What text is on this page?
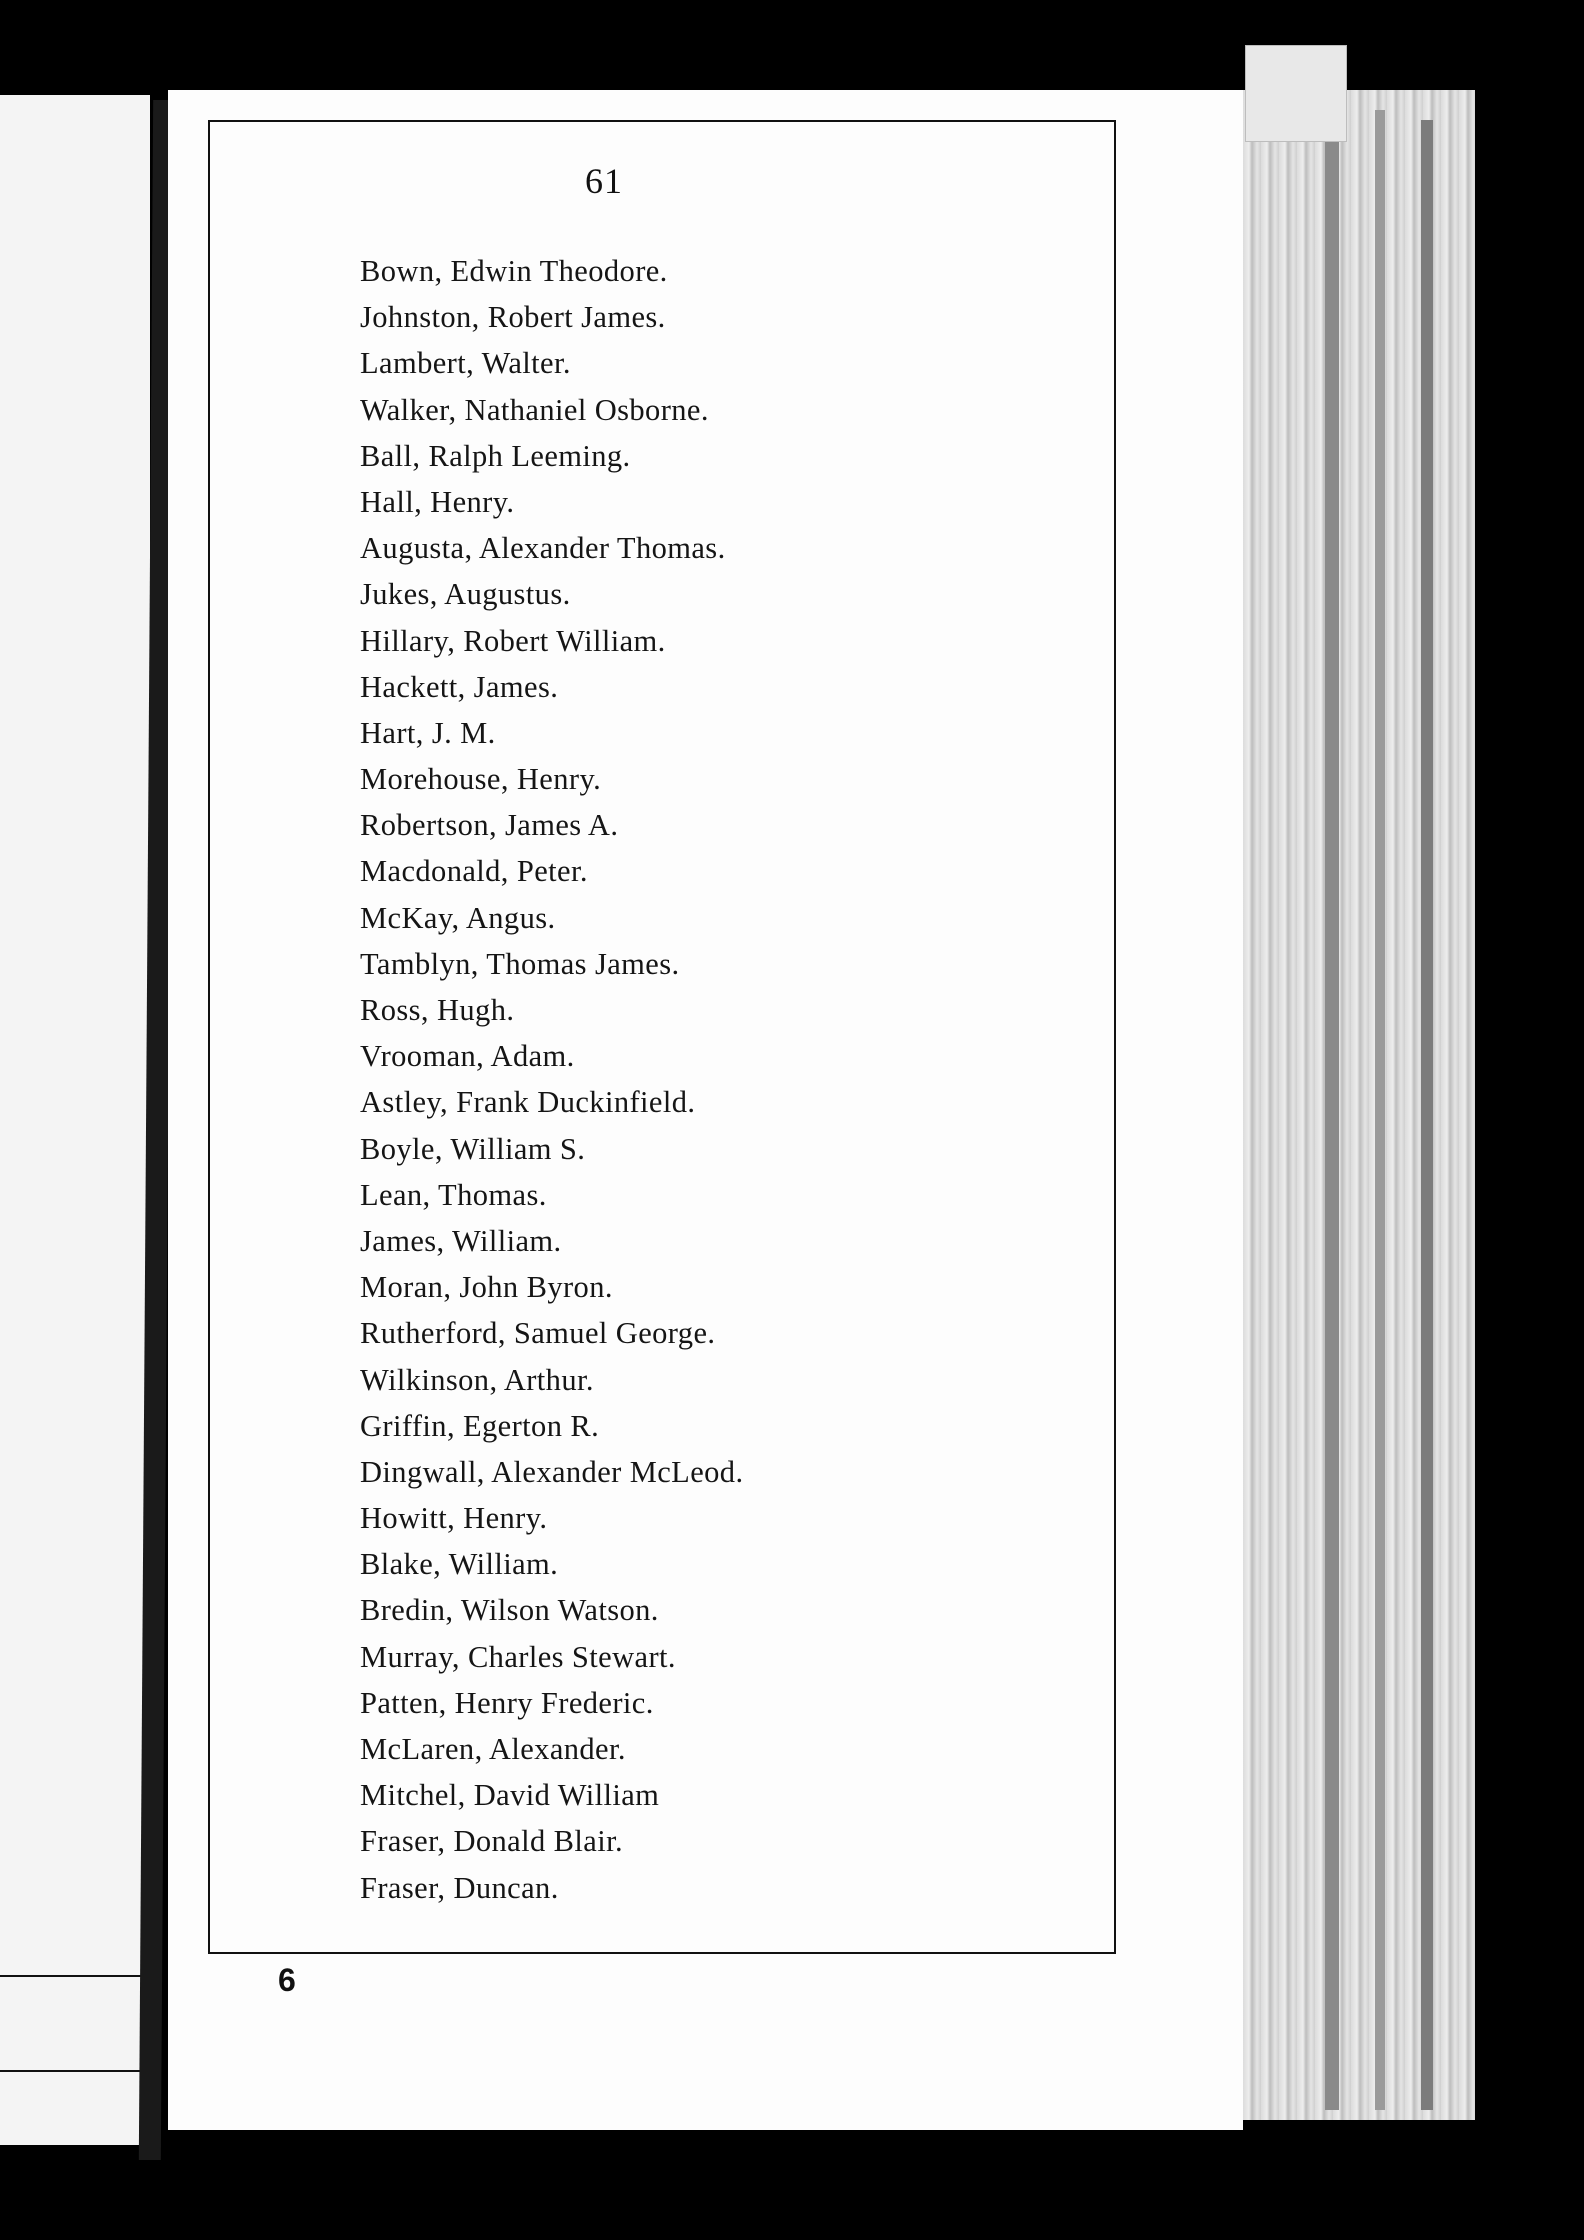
61
Bown, Edwin Theodore.
Johnston, Robert James.
Lambert, Walter.
Walker, Nathaniel Osborne.
Ball, Ralph Leeming.
Hall, Henry.
Augusta, Alexander Thomas.
Jukes, Augustus.
Hillary, Robert William.
Hackett, James.
Hart, J. M.
Morehouse, Henry.
Robertson, James A.
Macdonald, Peter.
McKay, Angus.
Tamblyn, Thomas James.
Ross, Hugh.
Vrooman, Adam.
Astley, Frank Duckinfield.
Boyle, William S.
Lean, Thomas.
James, William.
Moran, John Byron.
Rutherford, Samuel George.
Wilkinson, Arthur.
Griffin, Egerton R.
Dingwall, Alexander McLeod.
Howitt, Henry.
Blake, William.
Bredin, Wilson Watson.
Murray, Charles Stewart.
Patten, Henry Frederic.
McLaren, Alexander.
Mitchel, David William
Fraser, Donald Blair.
Fraser, Duncan.
6
